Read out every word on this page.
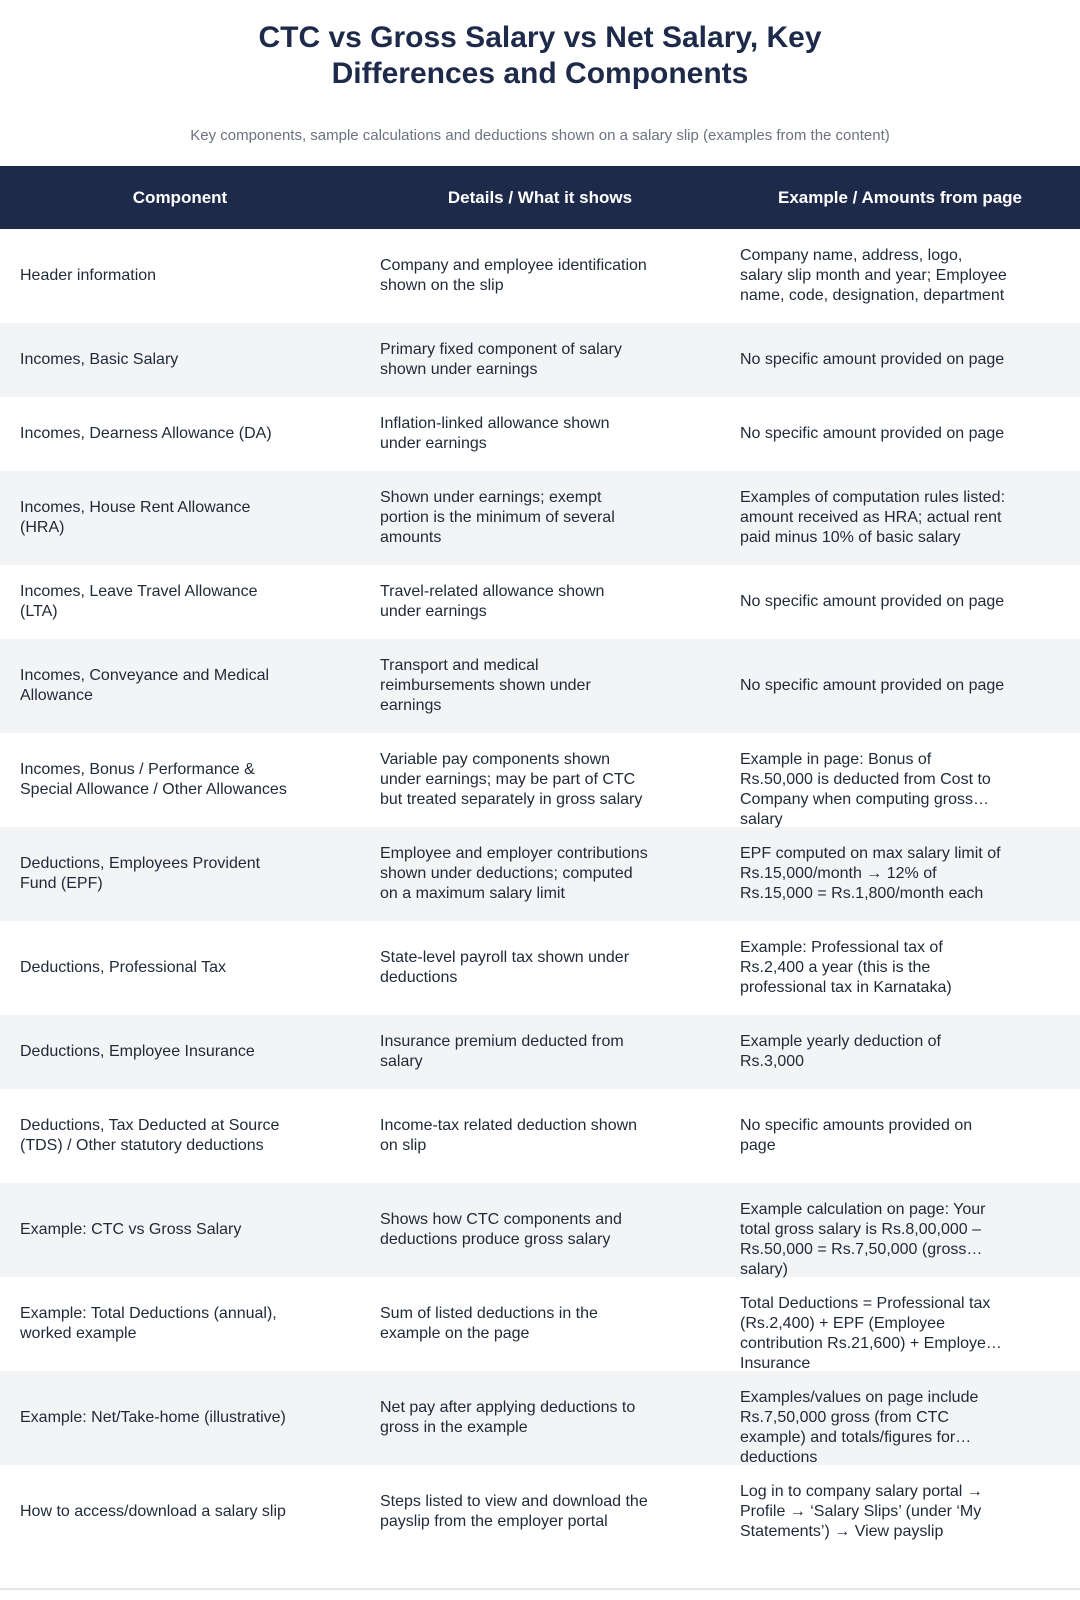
CTC vs Gross Salary vs Net Salary, Key
Differences and Components

Key components, sample calculations and deductions shown on a salary slip (examples from the content)

Component	Details / What it shows	Example / Amounts from page

Header information	Company and employee identification shown on the slip	Company name, address, logo, salary slip month and year; Employee name, code, designation, department

Incomes, Basic Salary	Primary fixed component of salary shown under earnings	No specific amount provided on page

Incomes, Dearness Allowance (DA)	Inflation-linked allowance shown under earnings	No specific amount provided on page

Incomes, House Rent Allowance (HRA)	Shown under earnings; exempt portion is the minimum of several amounts	Examples of computation rules listed: amount received as HRA; actual rent paid minus 10% of basic salary

Incomes, Leave Travel Allowance (LTA)	Travel-related allowance shown under earnings	No specific amount provided on page

Incomes, Conveyance and Medical Allowance	Transport and medical reimbursements shown under earnings	No specific amount provided on page

Incomes, Bonus / Performance & Special Allowance / Other Allowances	Variable pay components shown under earnings; may be part of CTC but treated separately in gross salary	Example in page: Bonus of Rs.50,000 is deducted from Cost to Company when computing gross salary

Deductions, Employees Provident Fund (EPF)	Employee and employer contributions shown under deductions; computed on a maximum salary limit	EPF computed on max salary limit of Rs.15,000/month → 12% of Rs.15,000 = Rs.1,800/month each

Deductions, Professional Tax	State-level payroll tax shown under deductions	Example: Professional tax of Rs.2,400 a year (this is the professional tax in Karnataka)

Deductions, Employee Insurance	Insurance premium deducted from salary	Example yearly deduction of Rs.3,000

Deductions, Tax Deducted at Source (TDS) / Other statutory deductions	Income-tax related deduction shown on slip	No specific amounts provided on page

Example: CTC vs Gross Salary	Shows how CTC components and deductions produce gross salary	Example calculation on page: Your total gross salary is Rs.8,00,000 – Rs.50,000 = Rs.7,50,000 (gross salary)

Example: Total Deductions (annual), worked example	Sum of listed deductions in the example on the page	Total Deductions = Professional tax (Rs.2,400) + EPF (Employee contribution Rs.21,600) + Employee Insurance

Example: Net/Take-home (illustrative)	Net pay after applying deductions to gross in the example	Examples/values on page include Rs.7,50,000 gross (from CTC example) and totals/figures for deductions

How to access/download a salary slip	Steps listed to view and download the payslip from the employer portal	Log in to company salary portal → Profile → ‘Salary Slips’ (under ‘My Statements’) → View payslip
